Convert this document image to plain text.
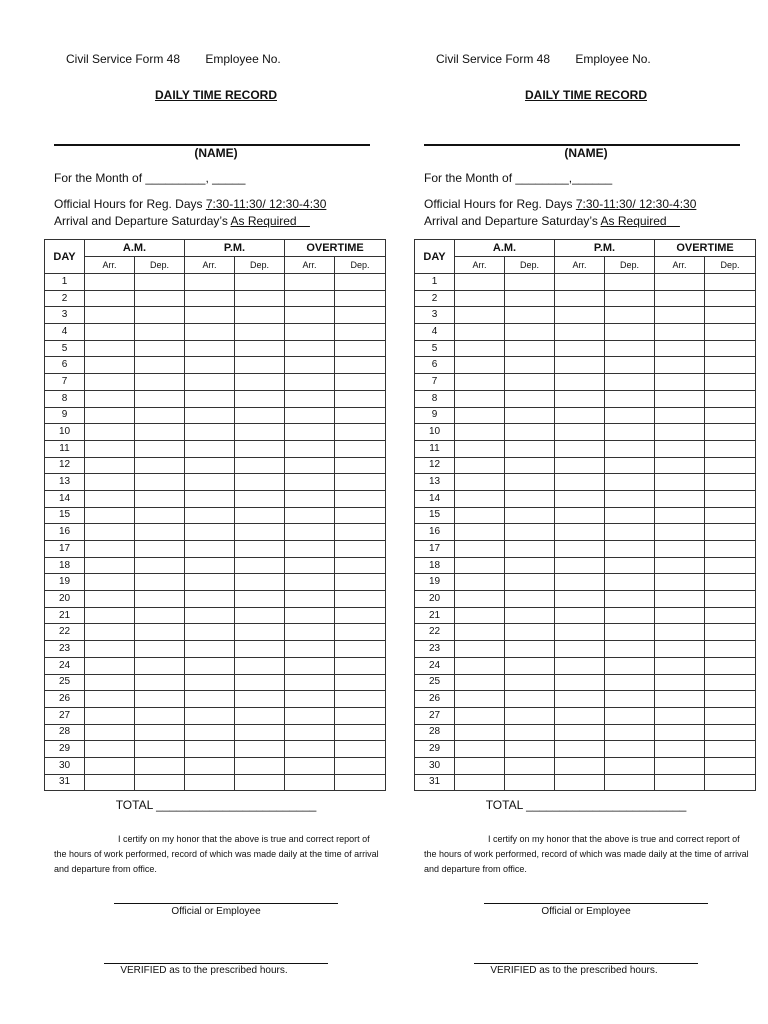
Civil Service Form 48 Employee No.
DAILY TIME RECORD
(NAME)
For the Month of _________, _____
Official Hours for Reg. Days 7:30-11:30/ 12:30-4:30
Arrival and Departure Saturday’s As Required
DAY	A.M.		P.M.		OVERTIME	
	Arr.	Dep.	Arr.	Dep.	Arr.	Dep.
1						
2						
3						
4						
5						
6						
7						
8						
9						
10						
11						
12						
13						
14						
15						
16						
17						
18						
19						
20						
21						
22						
23						
24						
25						
26						
27						
28						
29						
30						
31						
TOTAL ________________________
I certify on my honor that the above is true and correct report of the hours of work performed, record of which was made daily at the time of arrival and departure from office.
Official or Employee
VERIFIED as to the prescribed hours.
Civil Service Form 48 Employee No.
DAILY TIME RECORD
(NAME)
For the Month of ________,______
Official Hours for Reg. Days 7:30-11:30/ 12:30-4:30
Arrival and Departure Saturday’s As Required
DAY	A.M.		P.M.		OVERTIME	
	Arr.	Dep.	Arr.	Dep.	Arr.	Dep.
1						
2						
3						
4						
5						
6						
7						
8						
9						
10						
11						
12						
13						
14						
15						
16						
17						
18						
19						
20						
21						
22						
23						
24						
25						
26						
27						
28						
29						
30						
31						
TOTAL ________________________
I certify on my honor that the above is true and correct report of the hours of work performed, record of which was made daily at the time of arrival and departure from office.
Official or Employee
VERIFIED as to the prescribed hours.
